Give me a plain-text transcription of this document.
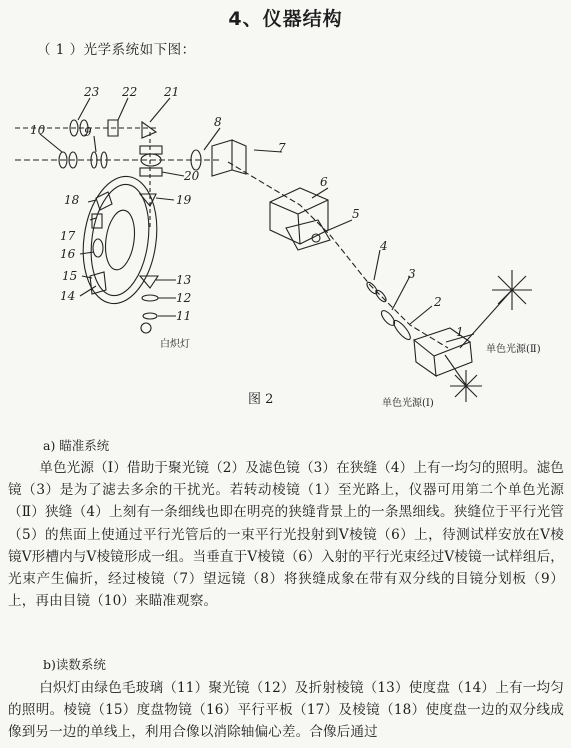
4、仪器结构
（ 1 ）光学系统如下图：
1
2
3
4
5
6
7
8
9
10
11
12
13
14
15
16
17
18	19
20
21
22
23
白炽灯	单色光源(Ⅱ)
单色光源(Ⅰ)
图 2
a) 瞄准系统
单色光源（Ⅰ）借助于聚光镜（2）及滤色镜（3）在狭缝（4）上有一均匀的照明。滤色镜（3）是为了滤去多余的干扰光。若转动棱镜（1）至光路上，仪器可用第二个单色光源（Ⅱ）狭缝（4）上刻有一条细线也即在明亮的狭缝背景上的一条黑细线。狭缝位于平行光管（5）的焦面上使通过平行光管后的一束平行光投射到Ⅴ棱镜（6）上，待测试样安放在Ⅴ棱镜Ⅴ形槽内与Ⅴ棱镜形成一组。当垂直于Ⅴ棱镜（6）入射的平行光束经过Ⅴ棱镜一试样组后，光束产生偏折，经过棱镜（7）望远镜（8）将狭缝成象在带有双分线的目镜分划板（9）上，再由目镜（10）来瞄准观察。
b)读数系统
白炽灯由绿色毛玻璃（11）聚光镜（12）及折射棱镜（13）使度盘（14）上有一均匀的照明。棱镜（15）度盘物镜（16）平行平板（17）及棱镜（18）使度盘一边的双分线成像到另一边的单线上，利用合像以消除轴偏心差。合像后通过
